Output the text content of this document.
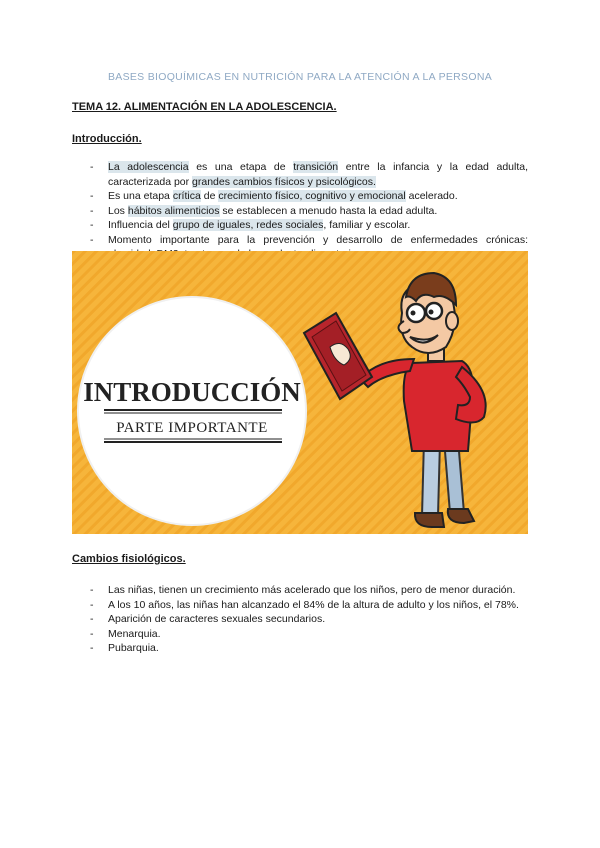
BASES BIOQUÍMICAS EN NUTRICIÓN PARA LA ATENCIÓN A LA PERSONA
TEMA 12. ALIMENTACIÓN EN LA ADOLESCENCIA.
Introducción.
- La adolescencia es una etapa de transición entre la infancia y la edad adulta, caracterizada por grandes cambios físicos y psicológicos.
- Es una etapa crítica de crecimiento físico, cognitivo y emocional acelerado.
- Los hábitos alimenticios se establecen a menudo hasta la edad adulta.
- Influencia del grupo de iguales, redes sociales, familiar y escolar.
- Momento importante para la prevención y desarrollo de enfermedades crónicas:
INTRODUCCIÓN
PARTE IMPORTANTE
Cambios fisiológicos.
- Las niñas, tienen un crecimiento más acelerado que los niños, pero de menor duración.
- A los 10 años, las niñas han alcanzado el 84% de la altura de adulto y los niños, el 78%.
- Aparición de caracteres sexuales secundarios.
- Menarquia.
- Pubarquia.
